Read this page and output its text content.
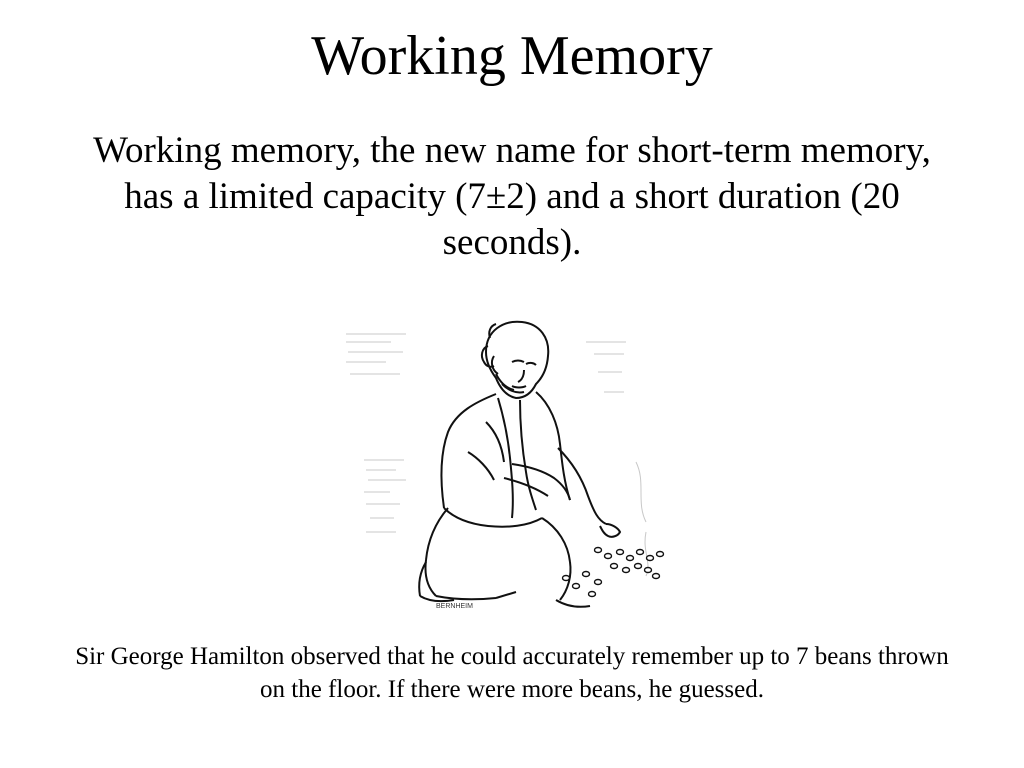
Working Memory

Working memory, the new name for short-term memory, has a limited capacity (7±2) and a short duration (20 seconds).

BERNHEIM

Sir George Hamilton observed that he could accurately remember up to 7 beans thrown on the floor. If there were more beans, he guessed.
